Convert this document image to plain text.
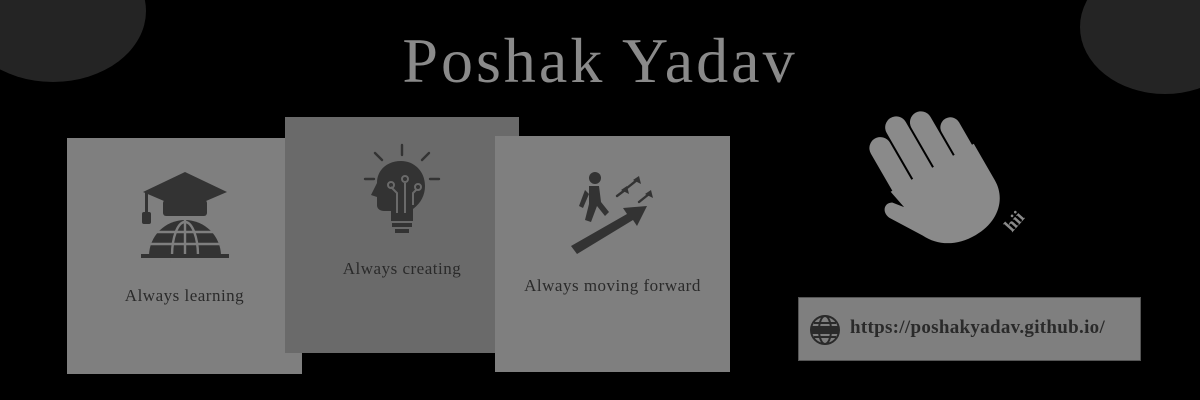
Poshak Yadav
Always learning
Always creating
Always moving forward
hii
https://poshakyadav.github.io/
